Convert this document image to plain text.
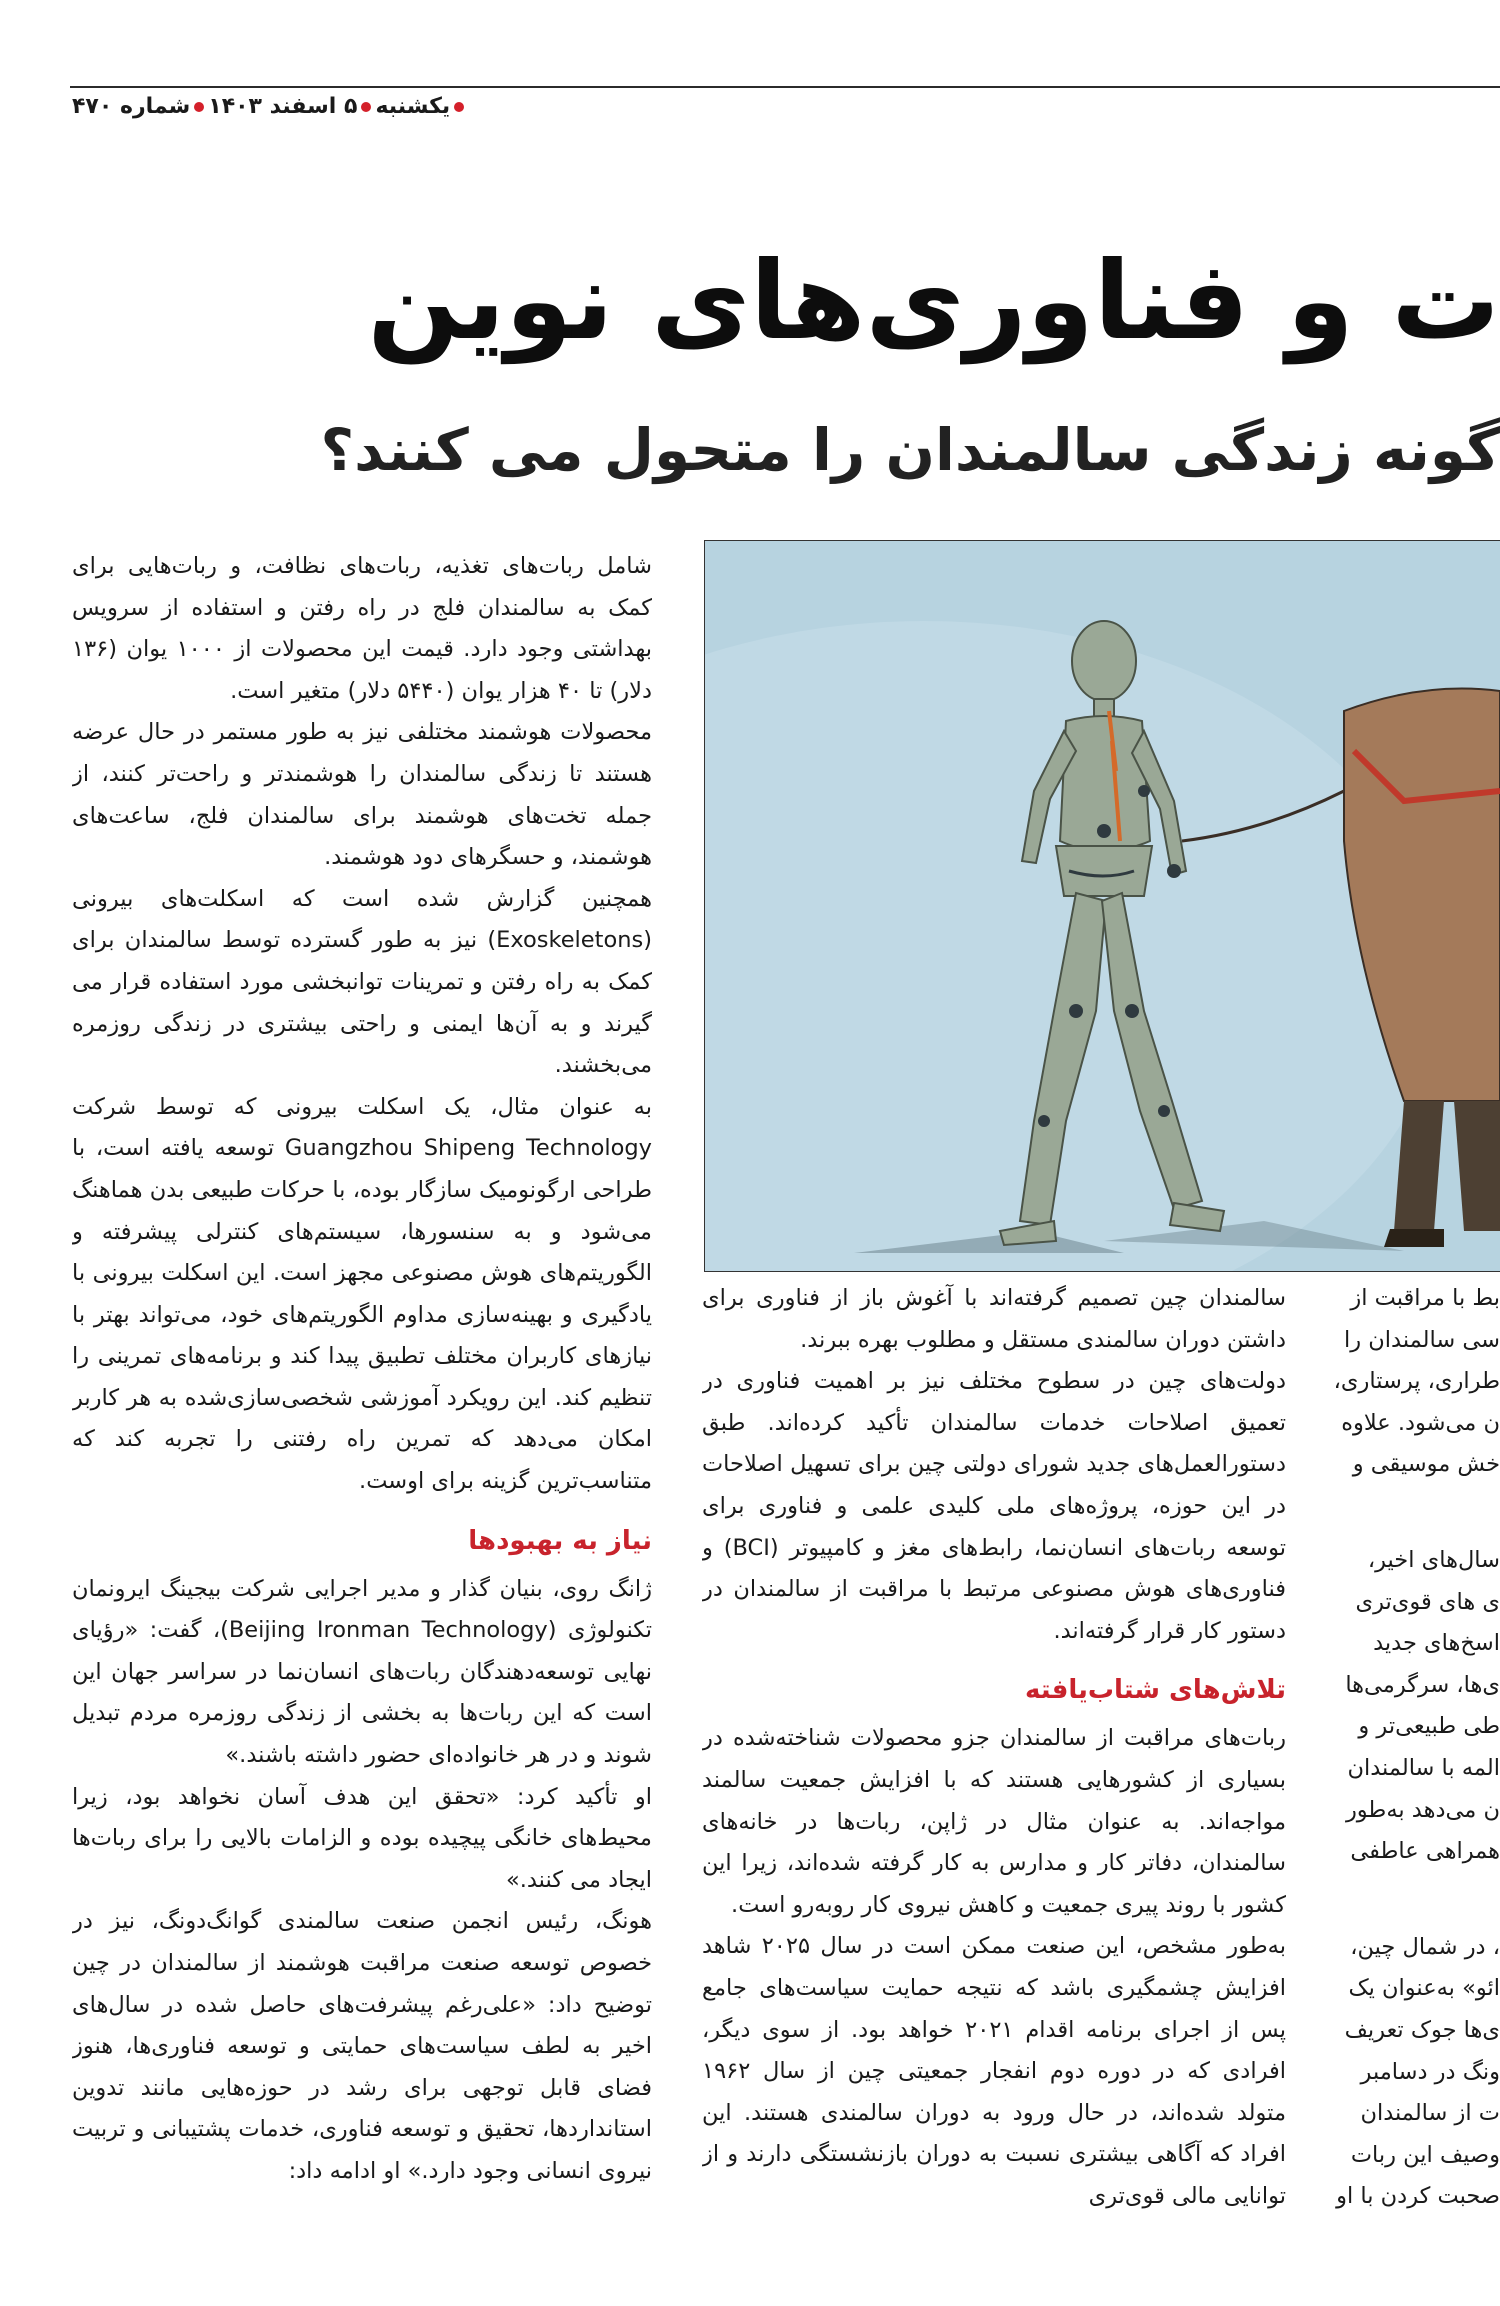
یکشنبه۵ اسفند ۱۴۰۳شماره ۴۷۰
ت و فناوری‌های نوین
گونه زندگی سالمندان را متحول می کنند؟

شامل ربات‌های تغذیه، ربات‌های نظافت، و ربات‌هایی برای کمک به سالمندان فلج در راه رفتن و استفاده از سرویس بهداشتی وجود دارد. قیمت این محصولات از ۱۰۰۰ یوان (۱۳۶ دلار) تا ۴۰ هزار یوان (۵۴۴۰ دلار) متغیر است.

محصولات هوشمند مختلفی نیز به طور مستمر در حال عرضه هستند تا زندگی سالمندان را هوشمندتر و راحت‌تر کنند، از جمله تخت‌های هوشمند برای سالمندان فلج، ساعت‌های هوشمند، و حسگرهای دود هوشمند.

همچنین گزارش شده است که اسکلت‌های بیرونی (Exoskeletons) نیز به طور گسترده توسط سالمندان برای کمک به راه رفتن و تمرینات توانبخشی مورد استفاده قرار می گیرند و به آن‌ها ایمنی و راحتی بیشتری در زندگی روزمره می‌بخشند.

به عنوان مثال، یک اسکلت بیرونی که توسط شرکت Guangzhou Shipeng Technology توسعه یافته است، با طراحی ارگونومیک سازگار بوده، با حرکات طبیعی بدن هماهنگ می‌شود و به سنسورها، سیستم‌های کنترلی پیشرفته و الگوریتم‌های هوش مصنوعی مجهز است. این اسکلت بیرونی با یادگیری و بهینه‌سازی مداوم الگوریتم‌های خود، می‌تواند بهتر با نیازهای کاربران مختلف تطبیق پیدا کند و برنامه‌های تمرینی را تنظیم کند. این رویکرد آموزشی شخصی‌سازی‌شده به هر کاربر امکان می‌دهد که تمرین راه رفتنی را تجربه کند که متناسب‌ترین گزینه برای اوست.

نیاز به بهبودها

ژانگ روی، بنیان گذار و مدیر اجرایی شرکت بیجینگ ایرونمان تکنولوژی (Beijing Ironman Technology)، گفت: «رؤیای نهایی توسعه‌دهندگان ربات‌های انسان‌نما در سراسر جهان این است که این ربات‌ها به بخشی از زندگی روزمره مردم تبدیل شوند و در هر خانواده‌ای حضور داشته باشند.»

او تأکید کرد: «تحقق این هدف آسان نخواهد بود، زیرا محیط‌های خانگی پیچیده بوده و الزامات بالایی را برای ربات‌ها ایجاد می کنند.»

هونگ، رئیس انجمن صنعت سالمندی گوانگ‌دونگ، نیز در خصوص توسعه صنعت مراقبت هوشمند از سالمندان در چین توضیح داد: «علی‌رغم پیشرفت‌های حاصل شده در سال‌های اخیر به لطف سیاست‌های حمایتی و توسعه فناوری‌ها، هنوز فضای قابل توجهی برای رشد در حوزه‌هایی مانند تدوین استانداردها، تحقیق و توسعه فناوری، خدمات پشتیبانی و تربیت نیروی انسانی وجود دارد.» او ادامه داد:

سالمندان چین تصمیم گرفته‌اند با آغوش باز از فناوری برای داشتن دوران سالمندی مستقل و مطلوب بهره ببرند.

دولت‌های چین در سطوح مختلف نیز بر اهمیت فناوری در تعمیق اصلاحات خدمات سالمندان تأکید کرده‌اند. طبق دستورالعمل‌های جدید شورای دولتی چین برای تسهیل اصلاحات در این حوزه، پروژه‌های ملی کلیدی علمی و فناوری برای توسعه ربات‌های انسان‌نما، رابط‌های مغز و کامپیوتر (BCI) و فناوری‌های هوش مصنوعی مرتبط با مراقبت از سالمندان در دستور کار قرار گرفته‌اند.

تلاش‌های شتاب‌یافته

ربات‌های مراقبت از سالمندان جزو محصولات شناخته‌شده در بسیاری از کشورهایی هستند که با افزایش جمعیت سالمند مواجه‌اند. به عنوان مثال در ژاپن، ربات‌ها در خانه‌های سالمندان، دفاتر کار و مدارس به کار گرفته شده‌اند، زیرا این کشور با روند پیری جمعیت و کاهش نیروی کار روبه‌رو است.

به‌طور مشخص، این صنعت ممکن است در سال ۲۰۲۵ شاهد افزایش چشمگیری باشد که نتیجه حمایت سیاست‌های جامع پس از اجرای برنامه اقدام ۲۰۲۱ خواهد بود. از سوی دیگر، افرادی که در دوره دوم انفجار جمعیتی چین از سال ۱۹۶۲ متولد شده‌اند، در حال ورود به دوران سالمندی هستند. این افراد که آگاهی بیشتری نسبت به دوران بازنشستگی دارند و از توانایی مالی قوی‌تری

بط با مراقبت از

سی سالمندان را

طراری، پرستاری،

ن می‌شود. علاوه

خش موسیقی و

سال‌های اخیر،

ی های قوی‌تری

اسخ‌های جدید

ی‌ها، سرگرمی‌ها

طی طبیعی‌تر و

المه با سالمندان

ن می‌دهد به‌طور

همراهی عاطفی

، در شمال چین،

ائو» به‌عنوان یک

ی‌ها جوک تعریف

ونگ در دسامبر

ت از سالمندان

وصیف این ربات

صحبت کردن با او
